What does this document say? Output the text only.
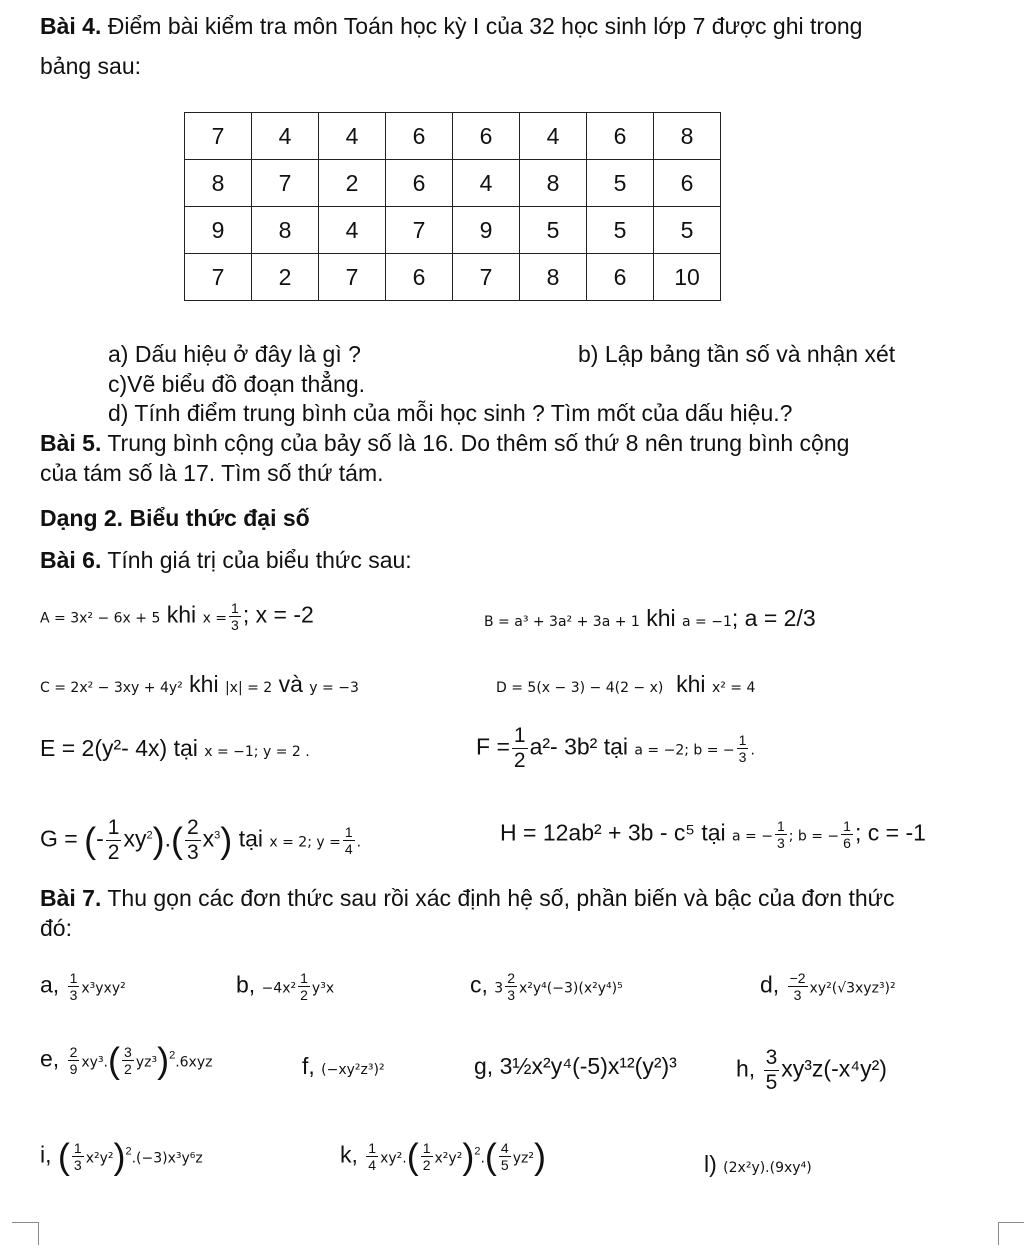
Bài 4. Điểm bài kiểm tra môn Toán học kỳ I của 32 học sinh lớp 7 được ghi trong
bảng sau:
7	4	4	6	6	4	6	8
8	7	2	6	4	8	5	6
9	8	4	7	9	5	5	5
7	2	7	6	7	8	6	10
a) Dấu hiệu ở đây là gì ?	b) Lập bảng tần số và nhận xét
c)Vẽ biểu đồ đoạn thẳng.
d) Tính điểm trung bình của mỗi học sinh ? Tìm mốt của dấu hiệu.?
Bài 5. Trung bình cộng của bảy số là 16. Do thêm số thứ 8 nên trung bình cộng
của tám số là 17. Tìm số thứ tám.
Dạng 2. Biểu thức đại số
Bài 6. Tính giá trị của biểu thức sau:
A = 3x² − 6x + 5 khi $x = \frac{1}{3}$ ; x = -2	B = a³ + 3a² + 3a + 1 khi a = −1; a = 2/3
C = 2x² − 3xy + 4y² khi |x| = 2 và y = −3	D = 5(x − 3) − 4(2 − x) khi x² = 4
E = 2(y²- 4x) tại x = −1; y = 2 .	$F = \frac{1}{2} a^2-$ 3b² tại a = −2; b = − $\frac{1}{3}$ .
G = (- $\frac{1}{2} xy^2).( \frac{2}{3} x^3)$ tại x = 2; $y = \frac{1}{4}$ .	H = 12ab² + 3b - c⁵ tại a = − $\frac{1}{3}$ ; b = − $\frac{1}{6}$ ; c = -1
Bài 7. Thu gọn các đơn thức sau rồi xác định hệ số, phần biến và bậc của đơn thức
đó:
a, $\frac{1}{3} x^3yxy^2$	b, $-4x^2 \frac{1}{2} y^3x$	c, $3 \frac{2}{3} x^2y^4(-3)(x^2y^4)^5$	d, $\frac{-2}{3} xy^2(√3xyz^3)^2$
e, $\frac{2}{9} xy^3.( \frac{3}{2} yz^3)^2.6xyz$	f, (−xy²z³)²	g, 3½x²y⁴(-5)x¹²(y²)³	h, $\frac{3}{5} xy^3z(-x^4y^2)$
i, ( $\frac{1}{3} x^2y^2)^2.(-3)x^3y^6z$	k, $\frac{1}{4} xy^2.( \frac{1}{2} x^2y^2)^2.( \frac{4}{5} yz^2)$	l) (2x²y).(9xy⁴)
